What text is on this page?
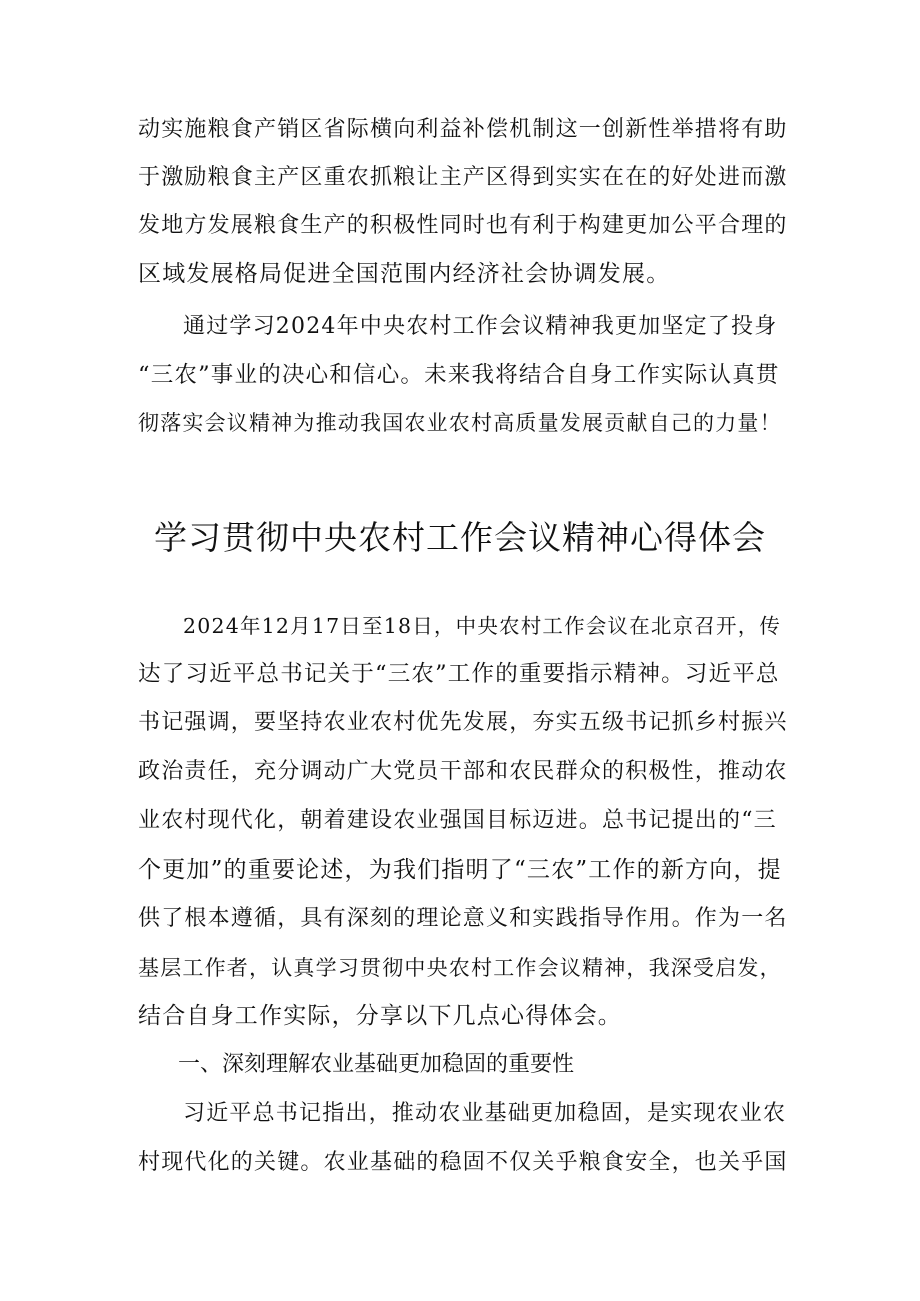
动实施粮食产销区省际横向利益补偿机制这一创新性举措将有助
于激励粮食主产区重农抓粮让主产区得到实实在在的好处进而激
发地方发展粮食生产的积极性同时也有利于构建更加公平合理的
区域发展格局促进全国范围内经济社会协调发展。
通过学习2024年中央农村工作会议精神我更加坚定了投身
“三农”事业的决心和信心。未来我将结合自身工作实际认真贯
彻落实会议精神为推动我国农业农村高质量发展贡献自己的力量！
学习贯彻中央农村工作会议精神心得体会
2024年12月17日至18日，中央农村工作会议在北京召开，传
达了习近平总书记关于“三农”工作的重要指示精神。习近平总
书记强调，要坚持农业农村优先发展，夯实五级书记抓乡村振兴
政治责任，充分调动广大党员干部和农民群众的积极性，推动农
业农村现代化，朝着建设农业强国目标迈进。总书记提出的“三
个更加”的重要论述，为我们指明了“三农”工作的新方向，提
供了根本遵循，具有深刻的理论意义和实践指导作用。作为一名
基层工作者，认真学习贯彻中央农村工作会议精神，我深受启发，
结合自身工作实际，分享以下几点心得体会。
一、深刻理解农业基础更加稳固的重要性
习近平总书记指出，推动农业基础更加稳固，是实现农业农
村现代化的关键。农业基础的稳固不仅关乎粮食安全，也关乎国
